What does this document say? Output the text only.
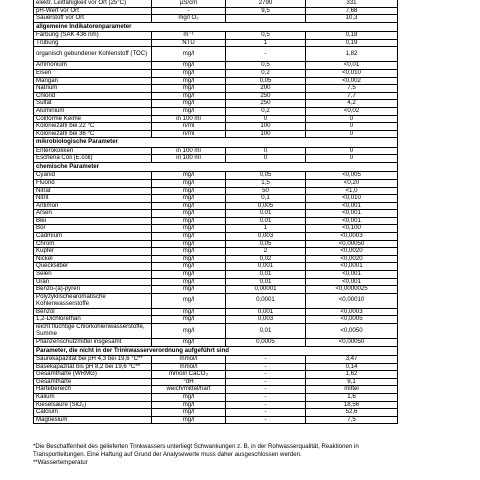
elektr. Leitfähigkeit vor Ort (25°C)	µS/cm	2790	331
pH-Wert vor Ort	-	9,5	7,68
Sauerstoff vor Ort	mg/l O₂		10,3
allgemeine Indikatorenparameter			
Färbung (SAK 436 nm)	m⁻¹	0,5	0,18
Trübung	NTU	1	0,19
organisch gebundener Kohlenstoff (TOC)	mg/l	-	1,82
Ammonium	mg/l	0,5	<0,01
Eisen	mg/l	0,2	<0,010
Mangan	mg/l	0,05	<0,002
Natrium	mg/l	200	7,5
Chlorid	mg/l	250	7,7
Sulfat	mg/l	250	4,2
Aluminium	mg/l	0,2	<0,02
Coliforme Keime	in 100 ml	0	0
Koloniezahl bei 22 °C	n/ml	100	0
Koloniezahl bei 36 °C	n/ml	100	0
mikrobiologische Parameter			
Enterokokken	in 100 ml	0	0
Escheria Coli (E.coli)	in 100 ml	0	0
chemische Parameter			
Cyanid	mg/l	0,05	<0,005
Fluorid	mg/l	1,5	<0,20
Nitrat	mg/l	50	<1,0
Nitrit	mg/l	0,1	<0,010
Antimon	mg/l	0,005	<0,001
Arsen	mg/l	0,01	<0,001
Blei	mg/l	0,01	<0,001
Bor	mg/l	1	<0,100
Cadmium	mg/l	0,003	<0,0003
Chrom	mg/l	0,05	<0,00050
Kupfer	mg/l	2	<0,0020
Nickel	mg/l	0,02	<0,0020
Quecksilber	mg/l	0,001	<0,0001
Selen	mg/l	0,01	<0,001
Uran	mg/l	0,01	<0,001
Benzo-(a)-pyren	mg/l	0,00001	<0,0000025
Polyzyklischearomatische Kohlenwasserstoffe	mg/l	0,0001	<0,00010
Benzol	mg/l	0,001	<0,0003
1,2-Dichlorethan	mg/l	0,003	<0,0005
leicht flüchtige Chlorkohlenwasserstoffe, Summe	mg/l	0,01	<0,0050
Pflanzenschutzmittel insgesamt	mg/l	0,0005	<0,00050
Parameter, die nicht in der Trinkwasserverordnung aufgeführt sind			
Säurekapazität bei pH 4,3 bei 19,6 °C**	mmol/l	-	3,47
Basekapazität bis pH 8,2 bei 19,6 °C**	mmol/l	-	0,14
Gesamthärte (WRMG)	mmol/l CaCO₃	-	1,62
Gesamthärte	°dH	-	9,1
Härtebereich	weich/mittel/hart	-	mittel
Kalium	mg/l	-	1,6
Kieselsäure (SiO₂)	mg/l	-	18,56
Calcium	mg/l	-	52,6
Magnesium	mg/l	-	7,5
*Die Beschaffenheit des gelieferten Trinkwassers unterliegt Schwankungen z. B. in der Rohwasserqualität, Reaktionen in
Transportleitungen. Eine Haftung auf Grund der Analysewerte muss daher ausgeschlossen werden.
**Wassertemperatur
